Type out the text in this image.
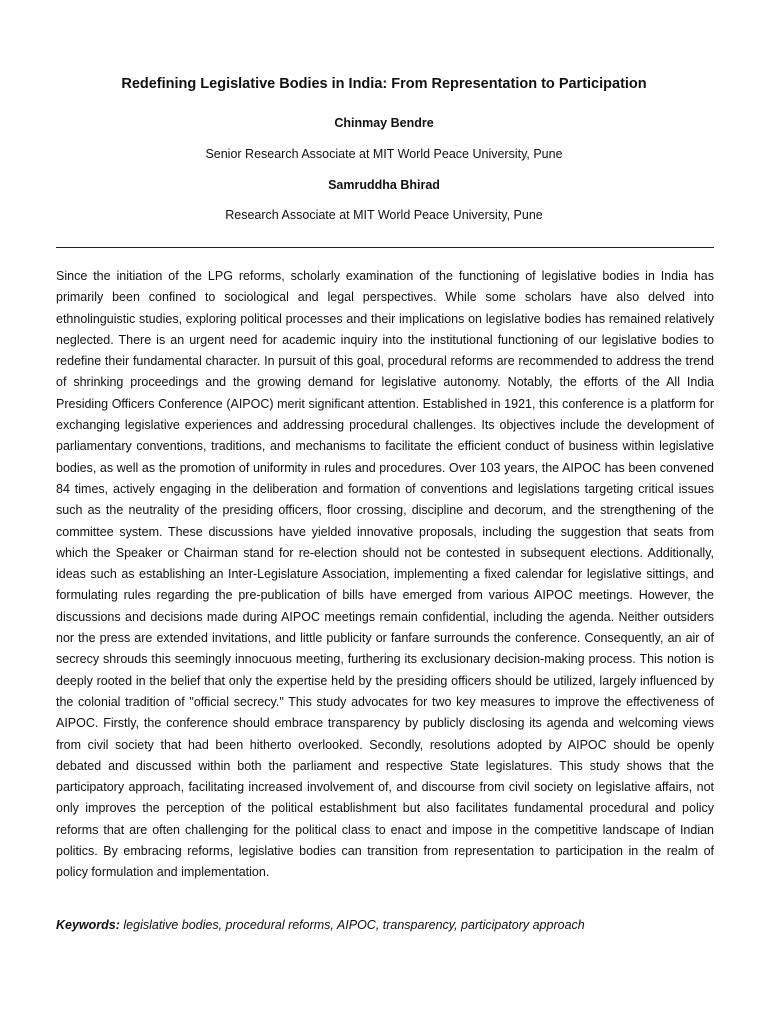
Redefining Legislative Bodies in India: From Representation to Participation

Chinmay Bendre

Senior Research Associate at MIT World Peace University, Pune

Samruddha Bhirad

Research Associate at MIT World Peace University, Pune

Since the initiation of the LPG reforms, scholarly examination of the functioning of legislative bodies in India has primarily been confined to sociological and legal perspectives. While some scholars have also delved into ethnolinguistic studies, exploring political processes and their implications on legislative bodies has remained relatively neglected. There is an urgent need for academic inquiry into the institutional functioning of our legislative bodies to redefine their fundamental character. In pursuit of this goal, procedural reforms are recommended to address the trend of shrinking proceedings and the growing demand for legislative autonomy. Notably, the efforts of the All India Presiding Officers Conference (AIPOC) merit significant attention. Established in 1921, this conference is a platform for exchanging legislative experiences and addressing procedural challenges. Its objectives include the development of parliamentary conventions, traditions, and mechanisms to facilitate the efficient conduct of business within legislative bodies, as well as the promotion of uniformity in rules and procedures. Over 103 years, the AIPOC has been convened 84 times, actively engaging in the deliberation and formation of conventions and legislations targeting critical issues such as the neutrality of the presiding officers, floor crossing, discipline and decorum, and the strengthening of the committee system. These discussions have yielded innovative proposals, including the suggestion that seats from which the Speaker or Chairman stand for re-election should not be contested in subsequent elections. Additionally, ideas such as establishing an Inter-Legislature Association, implementing a fixed calendar for legislative sittings, and formulating rules regarding the pre-publication of bills have emerged from various AIPOC meetings. However, the discussions and decisions made during AIPOC meetings remain confidential, including the agenda. Neither outsiders nor the press are extended invitations, and little publicity or fanfare surrounds the conference. Consequently, an air of secrecy shrouds this seemingly innocuous meeting, furthering its exclusionary decision-making process. This notion is deeply rooted in the belief that only the expertise held by the presiding officers should be utilized, largely influenced by the colonial tradition of "official secrecy." This study advocates for two key measures to improve the effectiveness of AIPOC. Firstly, the conference should embrace transparency by publicly disclosing its agenda and welcoming views from civil society that had been hitherto overlooked. Secondly, resolutions adopted by AIPOC should be openly debated and discussed within both the parliament and respective State legislatures. This study shows that the participatory approach, facilitating increased involvement of, and discourse from civil society on legislative affairs, not only improves the perception of the political establishment but also facilitates fundamental procedural and policy reforms that are often challenging for the political class to enact and impose in the competitive landscape of Indian politics. By embracing reforms, legislative bodies can transition from representation to participation in the realm of policy formulation and implementation.

Keywords: legislative bodies, procedural reforms, AIPOC, transparency, participatory approach
